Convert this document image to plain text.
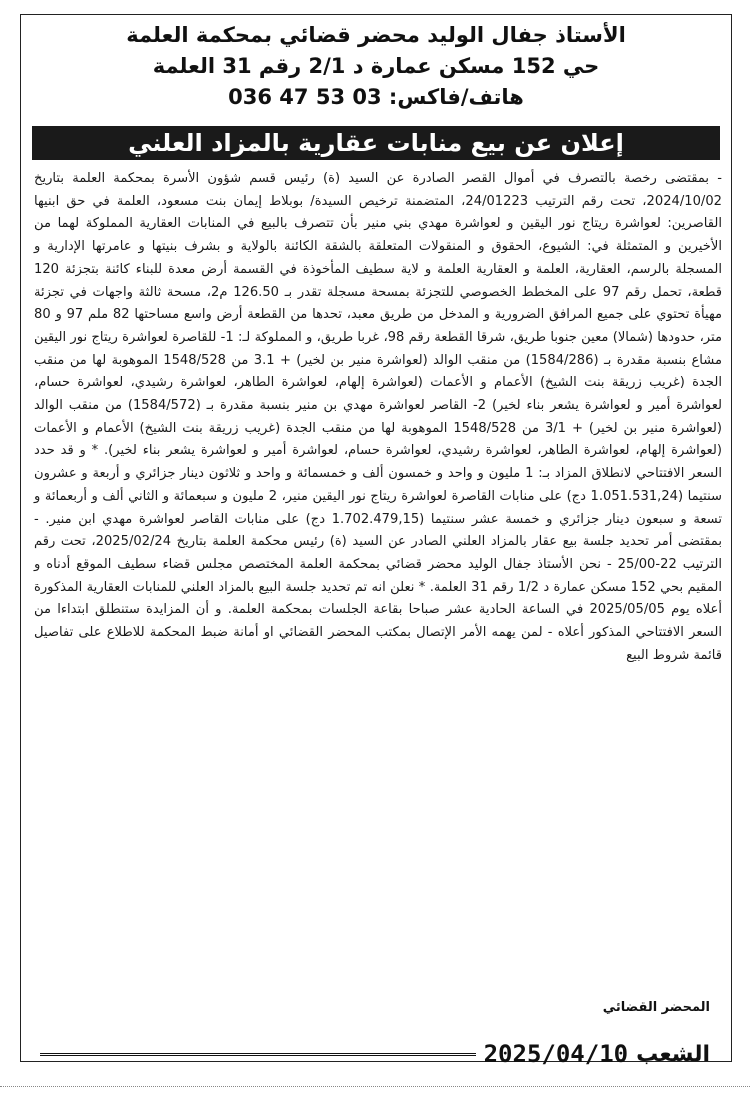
الأستاذ جفال الوليد محضر قضائي بمحكمة العلمة
حي 152 مسكن عمارة د 2/1 رقم 31 العلمة
هاتف/فاكس: 03 53 47 036
إعلان عن بيع منابات عقارية بالمزاد العلني

- بمقتضى رخصة بالتصرف في أموال القصر الصادرة عن السيد (ة) رئيس قسم شؤون الأسرة بمحكمة العلمة بتاريخ 2024/10/02، تحت رقم الترتيب 24/01223، المتضمنة ترخيص السيدة/ بوبلاط إيمان بنت مسعود، العلمة في حق ابنيها القاصرين: لعواشرة ريتاج نور اليقين و لعواشرة مهدي بني منير بأن تتصرف بالبيع في المنابات العقارية المملوكة لهما من الأخيرين و المتمثلة في: الشيوع، الحقوق و المنقولات المتعلقة بالشقة الكائنة بالولاية و بشرف بنيتها و عامرتها الإدارية و المسجلة بالرسم، العقارية، العلمة و العقارية العلمة و لاية سطيف المأخوذة في القسمة أرض معدة للبناء كائنة بتجزئة 120 قطعة، تحمل رقم 97 على المخطط الخصوصي للتجزئة بمسحة مسجلة تقدر بـ 126.50 م2، مسحة ثالثة واجهات في تجزئة مهيأة تحتوي على جميع المرافق الضرورية و المدخل من طريق معبد، تحدها من القطعة أرض واسع مساحتها 82 ملم 97 و 80 متر، حدودها (شمالا) معين جنوبا طريق، شرقا القطعة رقم 98، غربا طريق، و المملوكة لـ: 1- للقاصرة لعواشرة ريتاج نور اليقين مشاع بنسبة مقدرة بـ (1584/286) من منقب الوالد (لعواشرة منير بن لخير) + 3.1 من 1548/528 الموهوبة لها من منقب الجدة (غريب زريقة بنت الشيخ) الأعمام و الأعمات (لعواشرة إلهام، لعواشرة الطاهر، لعواشرة رشيدي، لعواشرة حسام، لعواشرة أمير و لعواشرة يشعر بناء لخير) 2- القاصر لعواشرة مهدي بن منير بنسبة مقدرة بـ (1584/572) من منقب الوالد (لعواشرة منير بن لخير) + 3/1 من 1548/528 الموهوبة لها من منقب الجدة (غريب زريقة بنت الشيخ) الأعمام و الأعمات (لعواشرة إلهام، لعواشرة الطاهر، لعواشرة رشيدي، لعواشرة حسام، لعواشرة أمير و لعواشرة يشعر بناء لخير). * و قد حدد السعر الافتتاحي لانطلاق المزاد بـ: 1 مليون و واحد و خمسون ألف و خمسمائة و واحد و ثلاثون دينار جزائري و أربعة و عشرون سنتيما (1.051.531,24 دج) على منابات القاصرة لعواشرة ريتاج نور اليقين منير، 2 مليون و سبعمائة و الثاني ألف و أربعمائة و تسعة و سبعون دينار جزائري و خمسة عشر سنتيما (1.702.479,15 دج) على منابات القاصر لعواشرة مهدي ابن منير. - بمقتضى أمر تحديد جلسة بيع عقار بالمزاد العلني الصادر عن السيد (ة) رئيس محكمة العلمة بتاريخ 2025/02/24، تحت رقم الترتيب 22-25/00 - نحن الأستاذ جفال الوليد محضر قضائي بمحكمة العلمة المختصص مجلس قضاء سطيف الموقع أدناه و المقيم بحي 152 مسكن عمارة د 1/2 رقم 31 العلمة. * نعلن انه تم تحديد جلسة البيع بالمزاد العلني للمنابات العقارية المذكورة أعلاه يوم 2025/05/05 في الساعة الحادية عشر صباحا بقاعة الجلسات بمحكمة العلمة. و أن المزايدة ستنطلق ابتداءا من السعر الافتتاحي المذكور أعلاه - لمن يهمه الأمر الإتصال بمكتب المحضر القضائي او أمانة ضبط المحكمة للاطلاع على تفاصيل قائمة شروط البيع

المحضر القضائي
الشعب
2025/04/10
